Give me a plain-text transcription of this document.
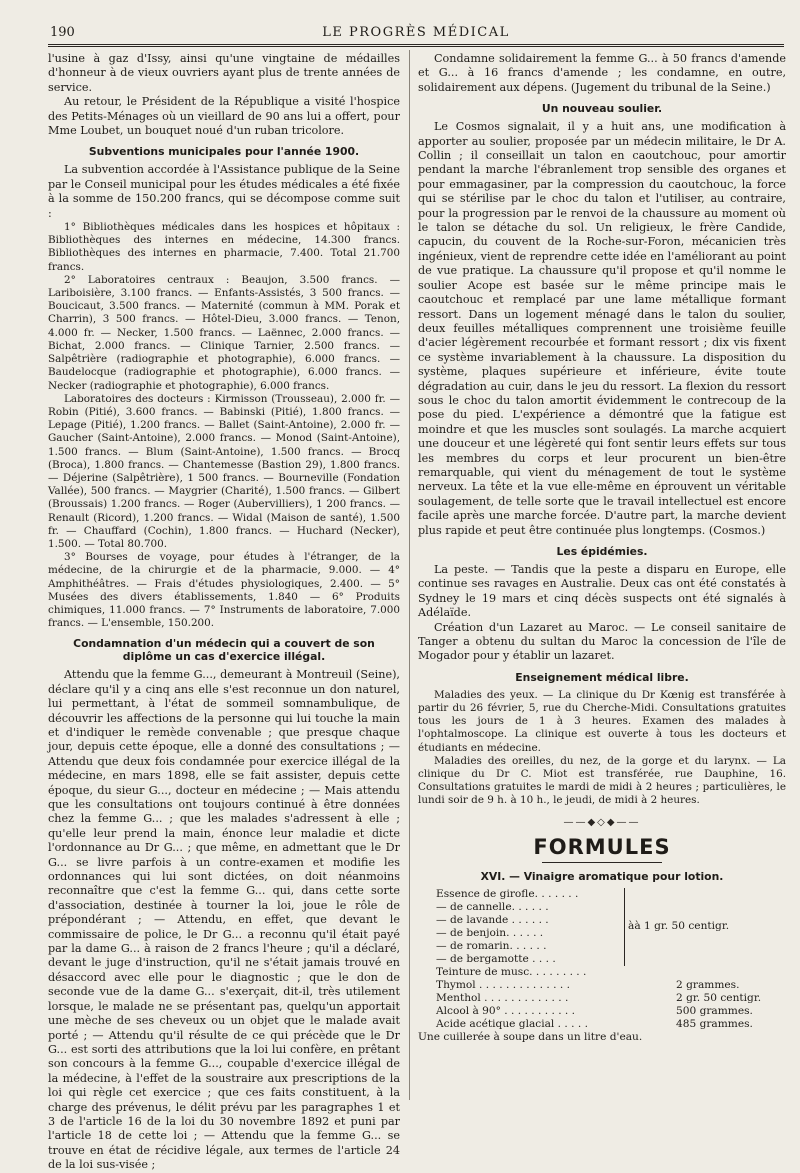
190	LE PROGRÈS MÉDICAL

l'usine à gaz d'Issy, ainsi qu'une vingtaine de médailles d'honneur à de vieux ouvriers ayant plus de trente années de service.

Au retour, le Président de la République a visité l'hospice des Petits-Ménages où un vieillard de 90 ans lui a offert, pour Mme Loubet, un bouquet noué d'un ruban tricolore.

Subventions municipales pour l'année 1900.

La subvention accordée à l'Assistance publique de la Seine par le Conseil municipal pour les études médicales a été fixée à la somme de 150.200 francs, qui se décompose comme suit :

1° Bibliothèques médicales dans les hospices et hôpitaux : Bibliothèques des internes en médecine, 14.300 francs. Bibliothèques des internes en pharmacie, 7.400. Total 21.700 francs.

2° Laboratoires centraux : Beaujon, 3.500 francs. — Lariboisière, 3.100 francs. — Enfants-Assistés, 3 500 francs. — Boucicaut, 3.500 francs. — Maternité (commun à MM. Porak et Charrin), 3 500 francs. — Hôtel-Dieu, 3.000 francs. — Tenon, 4.000 fr. — Necker, 1.500 francs. — Laënnec, 2.000 francs. — Bichat, 2.000 francs. — Clinique Tarnier, 2.500 francs. — Salpêtrière (radiographie et photographie), 6.000 francs. — Baudelocque (radiographie et photographie), 6.000 francs. — Necker (radiographie et photographie), 6.000 francs.

Laboratoires des docteurs : Kirmisson (Trousseau), 2.000 fr. — Robin (Pitié), 3.600 francs. — Babinski (Pitié), 1.800 francs. — Lepage (Pitié), 1.200 francs. — Ballet (Saint-Antoine), 2.000 fr. — Gaucher (Saint-Antoine), 2.000 francs. — Monod (Saint-Antoine), 1.500 francs. — Blum (Saint-Antoine), 1.500 francs. — Brocq (Broca), 1.800 francs. — Chantemesse (Bastion 29), 1.800 francs. — Déjerine (Salpêtrière), 1 500 francs. — Bourneville (Fondation Vallée), 500 francs. — Maygrier (Charité), 1.500 francs. — Gilbert (Broussais) 1.200 francs. — Roger (Aubervilliers), 1 200 francs. — Renault (Ricord), 1.200 francs. — Widal (Maison de santé), 1.500 fr. — Chauffard (Cochin), 1.800 francs. — Huchard (Necker), 1.500. — Total 80.700.

3° Bourses de voyage, pour études à l'étranger, de la médecine, de la chirurgie et de la pharmacie, 9.000. — 4° Amphithéâtres. — Frais d'études physiologiques, 2.400. — 5° Musées des divers établissements, 1.840 — 6° Produits chimiques, 11.000 francs. — 7° Instruments de laboratoire, 7.000 francs. — L'ensemble, 150.200.

Condamnation d'un médecin qui a couvert de son diplôme un cas d'exercice illégal.

Attendu que la femme G..., demeurant à Montreuil (Seine), déclare qu'il y a cinq ans elle s'est reconnue un don naturel, lui permettant, à l'état de sommeil somnambulique, de découvrir les affections de la personne qui lui touche la main et d'indiquer le remède convenable ; que presque chaque jour, depuis cette époque, elle a donné des consultations ; — Attendu que deux fois condamnée pour exercice illégal de la médecine, en mars 1898, elle se fait assister, depuis cette époque, du sieur G..., docteur en médecine ; — Mais attendu que les consultations ont toujours continué à être données chez la femme G... ; que les malades s'adressent à elle ; qu'elle leur prend la main, énonce leur maladie et dicte l'ordonnance au Dr G... ; que même, en admettant que le Dr G... se livre parfois à un contre-examen et modifie les ordonnances qui lui sont dictées, on doit néanmoins reconnaître que c'est la femme G... qui, dans cette sorte d'association, destinée à tourner la loi, joue le rôle de prépondérant ; — Attendu, en effet, que devant le commissaire de police, le Dr G... a reconnu qu'il était payé par la dame G... à raison de 2 francs l'heure ; qu'il a déclaré, devant le juge d'instruction, qu'il ne s'était jamais trouvé en désaccord avec elle pour le diagnostic ; que le don de seconde vue de la dame G... s'exerçait, dit-il, très utilement lorsque, le malade ne se présentant pas, quelqu'un apportait une mèche de ses cheveux ou un objet que le malade avait porté ; — Attendu qu'il résulte de ce qui précède que le Dr G... est sorti des attributions que la loi lui confère, en prêtant son concours à la femme G..., coupable d'exercice illégal de la médecine, à l'effet de la soustraire aux prescriptions de la loi qui règle cet exercice ; que ces faits constituent, à la charge des prévenus, le délit prévu par les paragraphes 1 et 3 de l'article 16 de la loi du 30 novembre 1892 et puni par l'article 18 de cette loi ; — Attendu que la femme G... se trouve en état de récidive légale, aux termes de l'article 24 de la loi sus-visée ;

Condamne solidairement la femme G... à 50 francs d'amende et G... à 16 francs d'amende ; les condamne, en outre, solidairement aux dépens. (Jugement du tribunal de la Seine.)

Un nouveau soulier.

Le Cosmos signalait, il y a huit ans, une modification à apporter au soulier, proposée par un médecin militaire, le Dr A. Collin ; il conseillait un talon en caoutchouc, pour amortir pendant la marche l'ébranlement trop sensible des organes et pour emmagasiner, par la compression du caoutchouc, la force qui se stérilise par le choc du talon et l'utiliser, au contraire, pour la progression par le renvoi de la chaussure au moment où le talon se détache du sol. Un religieux, le frère Candide, capucin, du couvent de la Roche-sur-Foron, mécanicien très ingénieux, vient de reprendre cette idée en l'améliorant au point de vue pratique. La chaussure qu'il propose et qu'il nomme le soulier Acope est basée sur le même principe mais le caoutchouc et remplacé par une lame métallique formant ressort. Dans un logement ménagé dans le talon du soulier, deux feuilles métalliques comprennent une troisième feuille d'acier légèrement recourbée et formant ressort ; dix vis fixent ce système invariablement à la chaussure. La disposition du système, plaques supérieure et inférieure, évite toute dégradation au cuir, dans le jeu du ressort. La flexion du ressort sous le choc du talon amortit évidemment le contrecoup de la pose du pied. L'expérience a démontré que la fatigue est moindre et que les muscles sont soulagés. La marche acquiert une douceur et une légèreté qui font sentir leurs effets sur tous les membres du corps et leur procurent un bien-être remarquable, qui vient du ménagement de tout le système nerveux. La tête et la vue elle-même en éprouvent un véritable soulagement, de telle sorte que le travail intellectuel est encore facile après une marche forcée. D'autre part, la marche devient plus rapide et peut être continuée plus longtemps. (Cosmos.)

Les épidémies.

La peste. — Tandis que la peste a disparu en Europe, elle continue ses ravages en Australie. Deux cas ont été constatés à Sydney le 19 mars et cinq décès suspects ont été signalés à Adélaïde.

Création d'un Lazaret au Maroc. — Le conseil sanitaire de Tanger a obtenu du sultan du Maroc la concession de l'île de Mogador pour y établir un lazaret.

Enseignement médical libre.

Maladies des yeux. — La clinique du Dr Kœnig est transférée à partir du 26 février, 5, rue du Cherche-Midi. Consultations gratuites tous les jours de 1 à 3 heures. Examen des malades à l'ophtalmoscope. La clinique est ouverte à tous les docteurs et étudiants en médecine.

Maladies des oreilles, du nez, de la gorge et du larynx. — La clinique du Dr C. Miot est transférée, rue Dauphine, 16. Consultations gratuites le mardi de midi à 2 heures ; particulières, le lundi soir de 9 h. à 10 h., le jeudi, de midi à 2 heures.

——◆◇◆——
FORMULES
XVI. — Vinaigre aromatique pour lotion.
Essence de girofle. . . . . . .
— de cannelle. . . . . .
— de lavande . . . . . .
— de benjoin. . . . . .
— de romarin. . . . . .
— de bergamotte . . . .
àà 1 gr. 50 centigr.
Teinture de musc. . . . . . . . .
Thymol . . . . . . . . . . . . . .	2 grammes.
Menthol . . . . . . . . . . . . .	2 gr. 50 centigr.
Alcool à 90° . . . . . . . . . . .	500 grammes.
Acide acétique glacial . . . . .	485 grammes.
Une cuillerée à soupe dans un litre d'eau.
